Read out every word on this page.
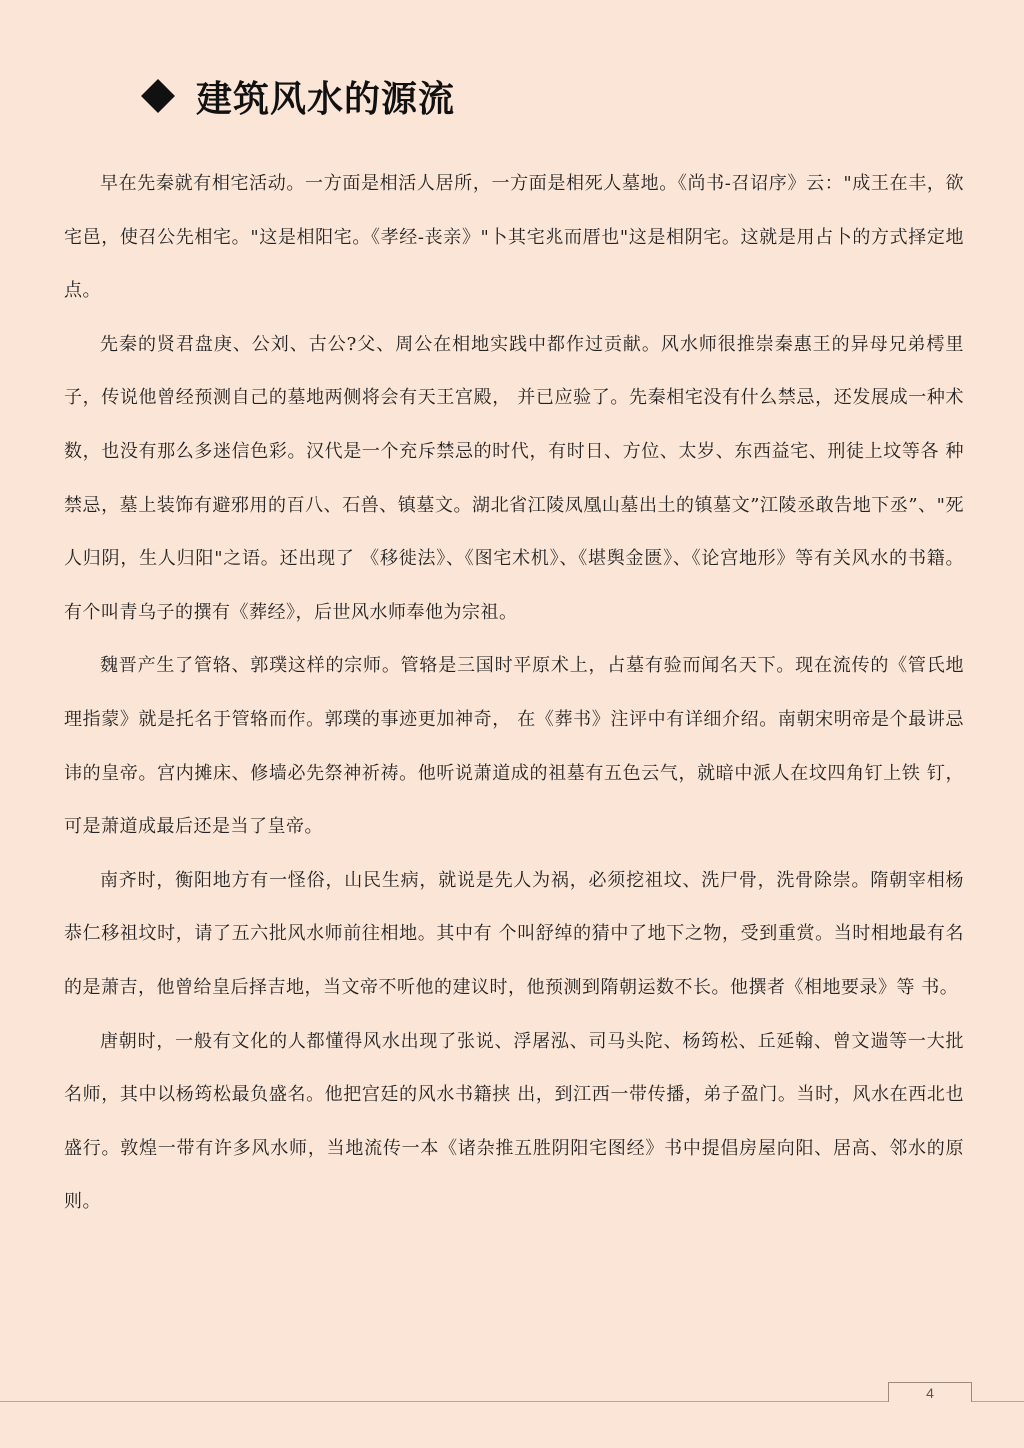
建筑风水的源流

早在先秦就有相宅活动。一方面是相活人居所，一方面是相死人墓地。《尚书-召诏序》云："成王在丰，欲宅邑，使召公先相宅。"这是相阳宅。《孝经-丧亲》"卜其宅兆而厝也"这是相阴宅。这就是用占卜的方式择定地点。

先秦的贤君盘庚、公刘、古公?父、周公在相地实践中都作过贡献。风水师很推崇秦惠王的异母兄弟樗里子，传说他曾经预测自己的墓地两侧将会有天王宫殿， 并已应验了。先秦相宅没有什么禁忌，还发展成一种术数，也没有那么多迷信色彩。汉代是一个充斥禁忌的时代，有时日、方位、太岁、东西益宅、刑徒上坟等各 种禁忌，墓上装饰有避邪用的百八、石兽、镇墓文。湖北省江陵凤凰山墓出土的镇墓文”江陵丞敢告地下丞”、"死人归阴，生人归阳"之语。还出现了 《移徙法》、《图宅术机》、《堪舆金匮》、《论宫地形》等有关风水的书籍。有个叫青乌子的撰有《葬经》，后世风水师奉他为宗祖。

魏晋产生了管辂、郭璞这样的宗师。管辂是三国时平原术上，占墓有验而闻名天下。现在流传的《管氏地理指蒙》就是托名于管辂而作。郭璞的事迹更加神奇， 在《葬书》注评中有详细介绍。南朝宋明帝是个最讲忌讳的皇帝。宫内摊床、修墙必先祭神祈祷。他听说萧道成的祖墓有五色云气，就暗中派人在坟四角钉上铁 钉，可是萧道成最后还是当了皇帝。

南齐时，衡阳地方有一怪俗，山民生病，就说是先人为祸，必须挖祖坟、洗尸骨，洗骨除崇。隋朝宰相杨恭仁移祖坟时，请了五六批风水师前往相地。其中有 个叫舒绰的猜中了地下之物，受到重赏。当时相地最有名的是萧吉，他曾给皇后择吉地，当文帝不听他的建议时，他预测到隋朝运数不长。他撰者《相地要录》等 书。

唐朝时，一般有文化的人都懂得风水出现了张说、浮屠泓、司马头陀、杨筠松、丘延翰、曾文遄等一大批名师，其中以杨筠松最负盛名。他把宫廷的风水书籍挟 出，到江西一带传播，弟子盈门。当时，风水在西北也盛行。敦煌一带有许多风水师，当地流传一本《诸杂推五胜阴阳宅图经》书中提倡房屋向阳、居高、邻水的原 则。

4
